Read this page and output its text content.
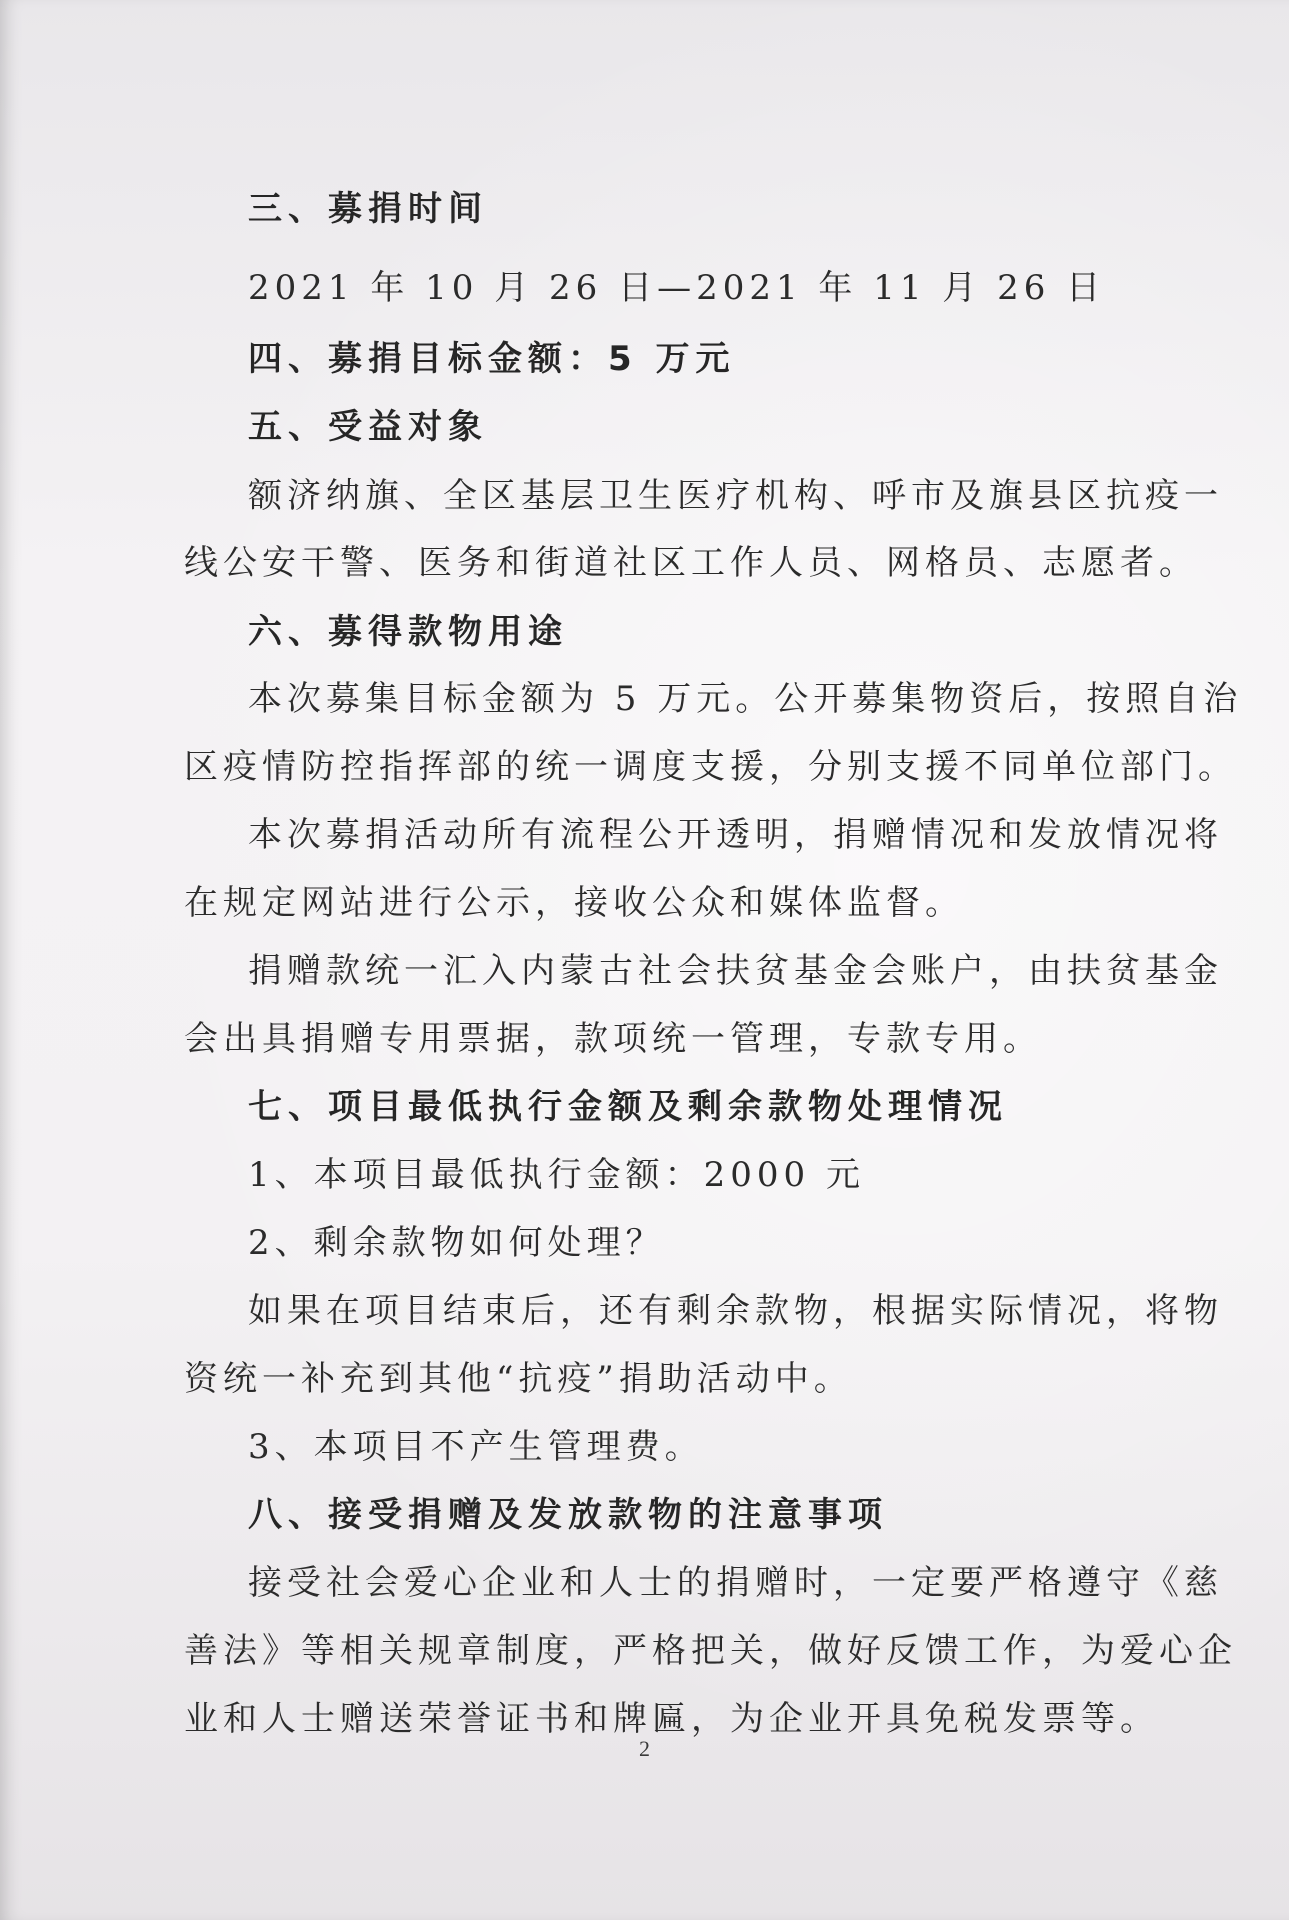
三、募捐时间
2021 年 10 月 26 日—2021 年 11 月 26 日
四、募捐目标金额：5 万元
五、受益对象
额济纳旗、全区基层卫生医疗机构、呼市及旗县区抗疫一
线公安干警、医务和街道社区工作人员、网格员、志愿者。
六、募得款物用途
本次募集目标金额为 5 万元。公开募集物资后，按照自治
区疫情防控指挥部的统一调度支援，分别支援不同单位部门。
本次募捐活动所有流程公开透明，捐赠情况和发放情况将
在规定网站进行公示，接收公众和媒体监督。
捐赠款统一汇入内蒙古社会扶贫基金会账户，由扶贫基金
会出具捐赠专用票据，款项统一管理，专款专用。
七、项目最低执行金额及剩余款物处理情况
1、本项目最低执行金额：2000 元
2、剩余款物如何处理？
如果在项目结束后，还有剩余款物，根据实际情况，将物
资统一补充到其他“抗疫”捐助活动中。
3、本项目不产生管理费。
八、接受捐赠及发放款物的注意事项
接受社会爱心企业和人士的捐赠时，一定要严格遵守《慈
善法》等相关规章制度，严格把关，做好反馈工作，为爱心企
业和人士赠送荣誉证书和牌匾，为企业开具免税发票等。
2
